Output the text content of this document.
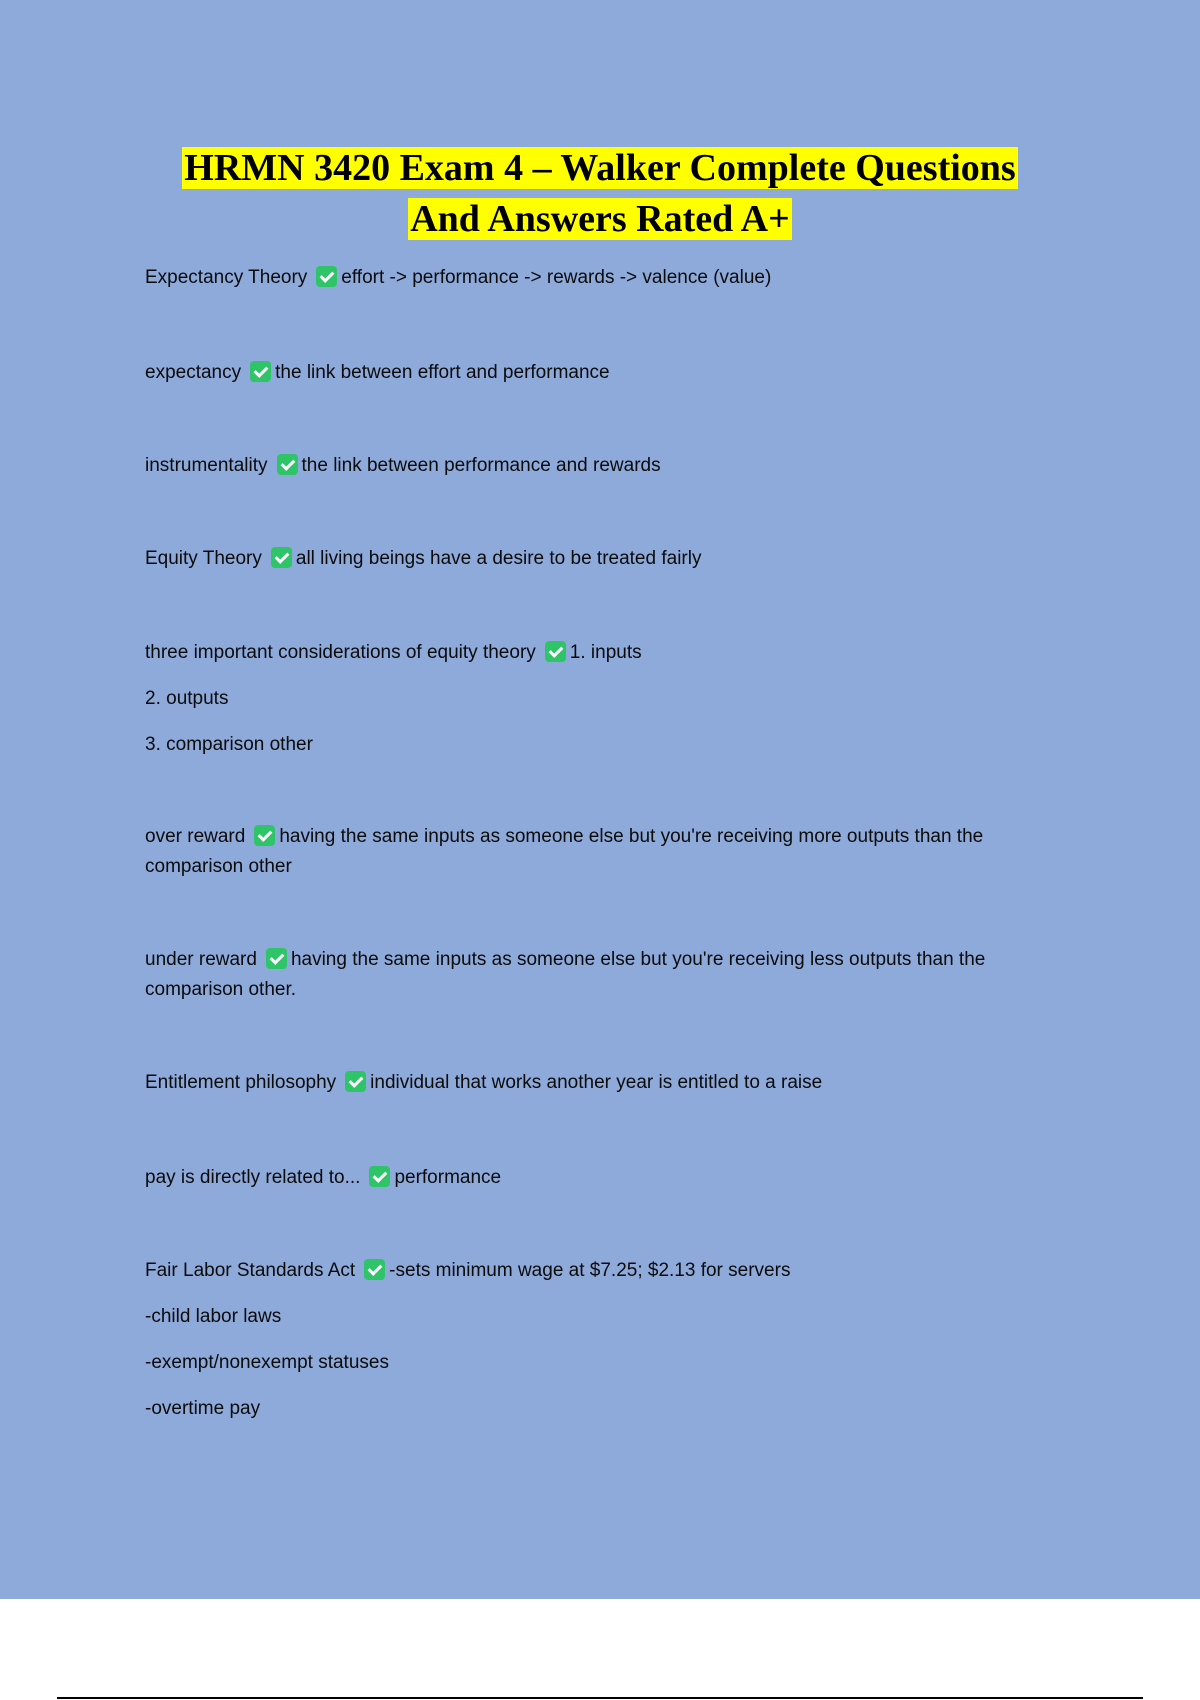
HRMN 3420 Exam 4 – Walker Complete Questions
And Answers Rated A+

Expectancy Theory effort -> performance -> rewards -> valence (value)

expectancy the link between effort and performance

instrumentality the link between performance and rewards

Equity Theory all living beings have a desire to be treated fairly

three important considerations of equity theory 1. inputs

2. outputs

3. comparison other

over reward having the same inputs as someone else but you're receiving more outputs than the comparison other

under reward having the same inputs as someone else but you're receiving less outputs than the comparison other.

Entitlement philosophy individual that works another year is entitled to a raise

pay is directly related to... performance

Fair Labor Standards Act -sets minimum wage at $7.25; $2.13 for servers

-child labor laws

-exempt/nonexempt statuses

-overtime pay
